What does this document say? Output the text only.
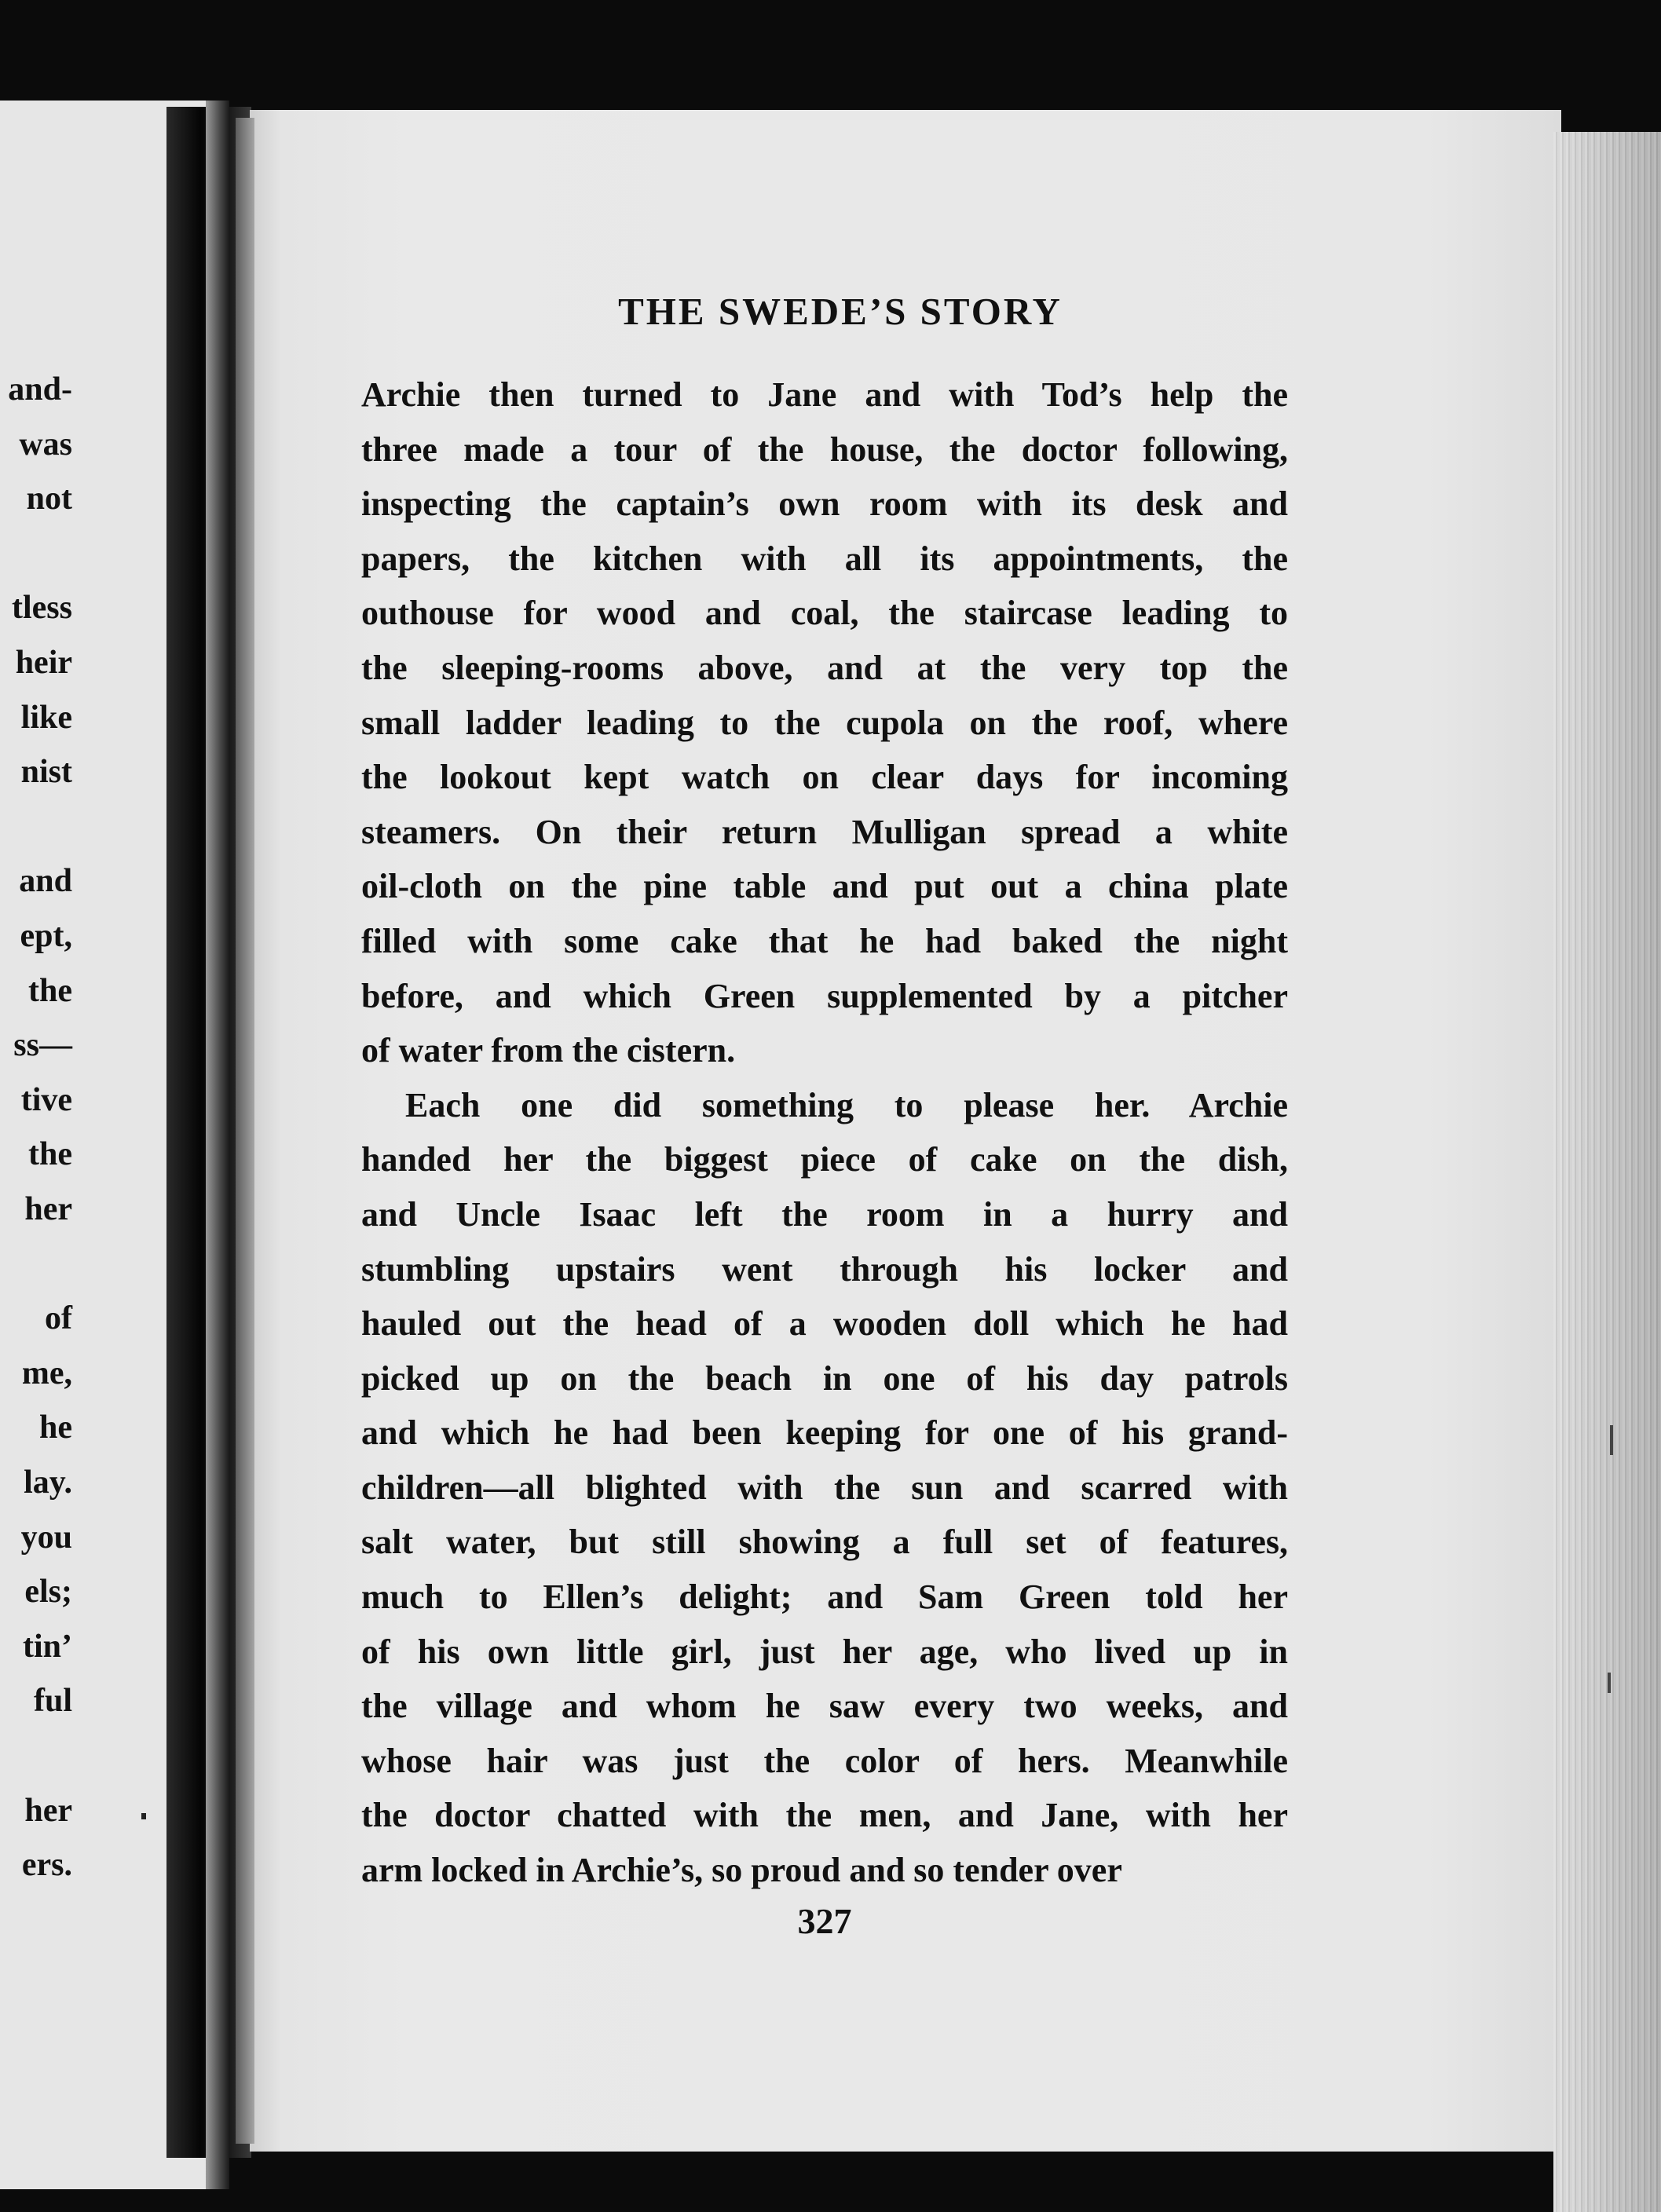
and-

was

not

tless

heir

like

nist

and

ept,

the

ss—

tive

the

her

of

me,

he

lay.

you

els;

tin’

ful

her

ers.

THE SWEDE’S STORY
Archie then turned to Jane and with Tod’s help the
three made a tour of the house, the doctor following,
inspecting the captain’s own room with its desk and
papers, the kitchen with all its appointments, the
outhouse for wood and coal, the staircase leading to
the sleeping-rooms above, and at the very top the
small ladder leading to the cupola on the roof, where
the lookout kept watch on clear days for incoming
steamers. On their return Mulligan spread a white
oil-cloth on the pine table and put out a china plate
filled with some cake that he had baked the night
before, and which Green supplemented by a pitcher
of water from the cistern.
Each one did something to please her. Archie
handed her the biggest piece of cake on the dish,
and Uncle Isaac left the room in a hurry and
stumbling upstairs went through his locker and
hauled out the head of a wooden doll which he had
picked up on the beach in one of his day patrols
and which he had been keeping for one of his grand-
children—all blighted with the sun and scarred with
salt water, but still showing a full set of features,
much to Ellen’s delight; and Sam Green told her
of his own little girl, just her age, who lived up in
the village and whom he saw every two weeks, and
whose hair was just the color of hers. Meanwhile
the doctor chatted with the men, and Jane, with her
arm locked in Archie’s, so proud and so tender over

327
